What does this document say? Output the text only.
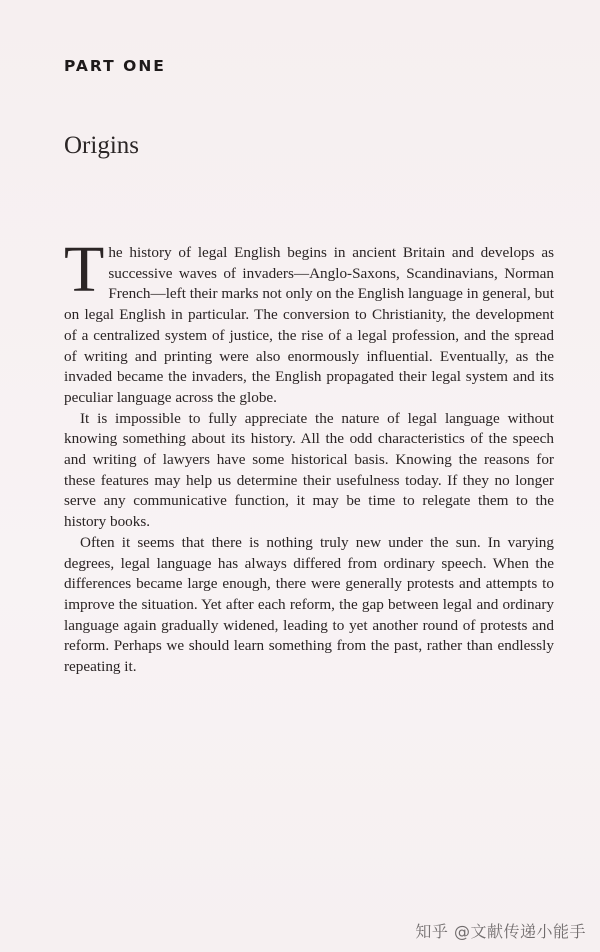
PART ONE
Origins

The history of legal English begins in ancient Britain and develops as successive waves of invaders—Anglo-Saxons, Scandinavians, Norman French—left their marks not only on the English language in general, but on legal English in particular. The conversion to Christianity, the development of a centralized system of justice, the rise of a legal profession, and the spread of writing and printing were also enormously influential. Eventually, as the invaded became the invaders, the English propagated their legal system and its peculiar language across the globe.

It is impossible to fully appreciate the nature of legal language without knowing something about its history. All the odd characteristics of the speech and writing of lawyers have some historical basis. Knowing the reasons for these features may help us determine their usefulness today. If they no longer serve any communicative function, it may be time to relegate them to the history books.

Often it seems that there is nothing truly new under the sun. In varying degrees, legal language has always differed from ordinary speech. When the differences became large enough, there were generally protests and attempts to improve the situation. Yet after each reform, the gap between legal and ordinary language again gradually widened, leading to yet another round of protests and reform. Perhaps we should learn something from the past, rather than endlessly repeating it.

知乎 @文献传递小能手
